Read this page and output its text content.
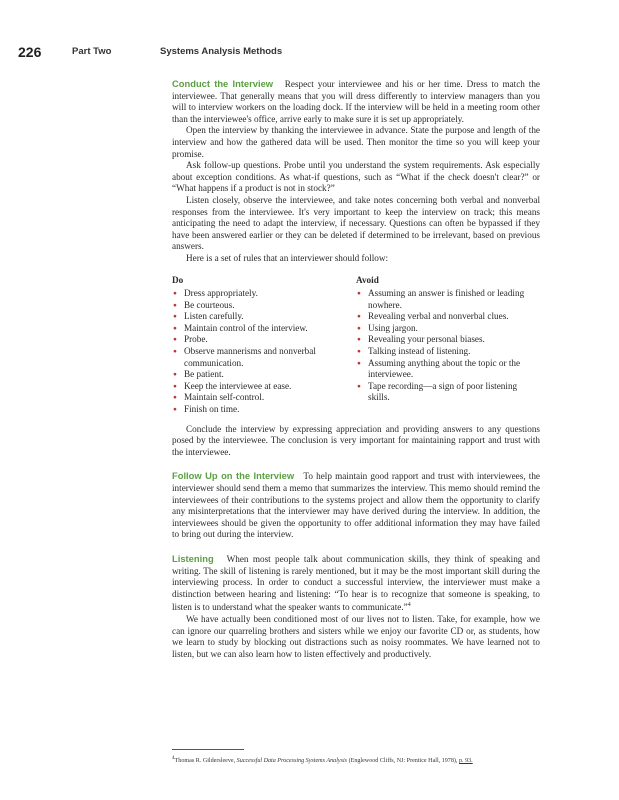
226	Part Two	Systems Analysis Methods

Conduct the Interview Respect your interviewee and his or her time. Dress to match the interviewee. That generally means that you will dress differently to interview managers than you will to interview workers on the loading dock. If the interview will be held in a meeting room other than the interviewee's office, arrive early to make sure it is set up appropriately.

Open the interview by thanking the interviewee in advance. State the purpose and length of the interview and how the gathered data will be used. Then monitor the time so you will keep your promise.

Ask follow-up questions. Probe until you understand the system requirements. Ask especially about exception conditions. As what-if questions, such as “What if the check doesn't clear?” or “What happens if a product is not in stock?”

Listen closely, observe the interviewee, and take notes concerning both verbal and nonverbal responses from the interviewee. It's very important to keep the interview on track; this means anticipating the need to adapt the interview, if necessary. Questions can often be bypassed if they have been answered earlier or they can be deleted if determined to be irrelevant, based on previous answers.

Here is a set of rules that an interviewer should follow:

Do
● Dress appropriately.
● Be courteous.
● Listen carefully.
● Maintain control of the interview.
● Probe.
● Observe mannerisms and nonverbal communication.
● Be patient.
● Keep the interviewee at ease.
● Maintain self-control.
● Finish on time.
Avoid
● Assuming an answer is finished or leading nowhere.
● Revealing verbal and nonverbal clues.
● Using jargon.
● Revealing your personal biases.
● Talking instead of listening.
● Assuming anything about the topic or the interviewee.
● Tape recording—a sign of poor listening skills.

Conclude the interview by expressing appreciation and providing answers to any questions posed by the interviewee. The conclusion is very important for maintaining rapport and trust with the interviewee.

Follow Up on the Interview To help maintain good rapport and trust with interviewees, the interviewer should send them a memo that summarizes the interview. This memo should remind the interviewees of their contributions to the systems project and allow them the opportunity to clarify any misinterpretations that the interviewer may have derived during the interview. In addition, the interviewees should be given the opportunity to offer additional information they may have failed to bring out during the interview.

Listening When most people talk about communication skills, they think of speaking and writing. The skill of listening is rarely mentioned, but it may be the most important skill during the interviewing process. In order to conduct a successful interview, the interviewer must make a distinction between hearing and listening: “To hear is to recognize that someone is speaking, to listen is to understand what the speaker wants to communicate.”$^4$

We have actually been conditioned most of our lives not to listen. Take, for example, how we can ignore our quarreling brothers and sisters while we enjoy our favorite CD or, as students, how we learn to study by blocking out distractions such as noisy roommates. We have learned not to listen, but we can also learn how to listen effectively and productively.

$^4$Thomas R. Gildersleeve, Successful Data Processing Systems Analysis (Englewood Cliffs, NJ: Prentice Hall, 1978), p. 93.
